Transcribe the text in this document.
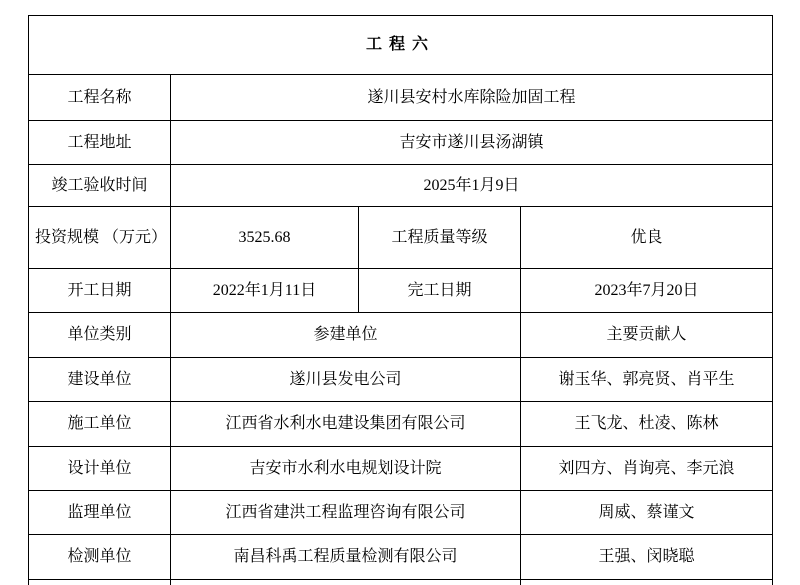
工程六			
工程名称	遂川县安村水库除险加固工程		
工程地址	吉安市遂川县汤湖镇		
竣工验收时间	2025年1月9日		
投资规模 （万元）	3525.68	工程质量等级	优良
开工日期	2022年1月11日	完工日期	2023年7月20日
单位类别	参建单位		主要贡献人
建设单位	遂川县发电公司		谢玉华、郭亮贤、肖平生
施工单位	江西省水利水电建设集团有限公司		王飞龙、杜凌、陈林
设计单位	吉安市水利水电规划设计院		刘四方、肖询亮、李元浪
监理单位	江西省建洪工程监理咨询有限公司		周威、蔡谨文
检测单位	南昌科禹工程质量检测有限公司		王强、闵晓聪
